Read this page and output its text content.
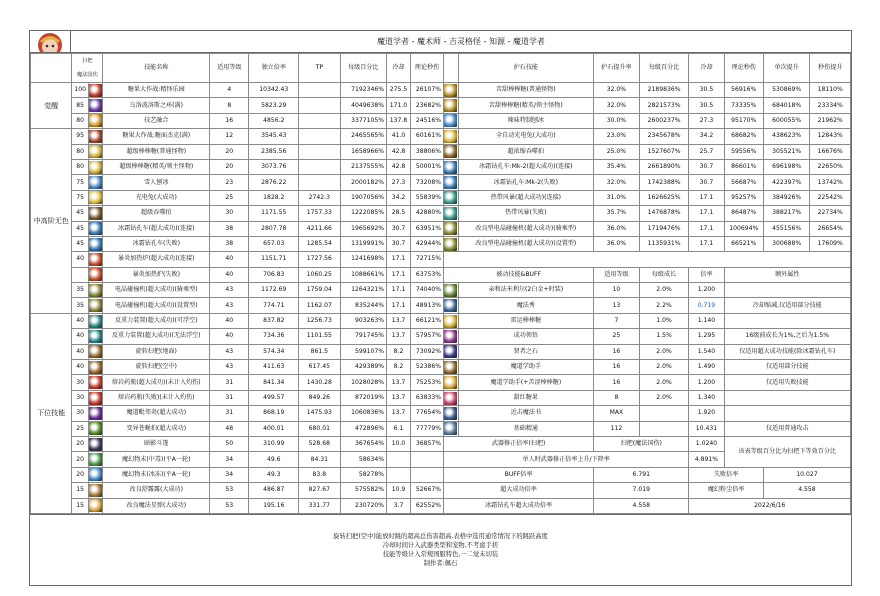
魔道学者 - 魔术师 - 吉灵格怪 - 知源 - 魔道学者
	扫把
魔法国伤		技能名称	适用等级	独立倍率	TP	每级百分比	冷却	理论秒伤		护石技能	护石提升率	每级百分比	冷却	理论秒伤	单次提升	秒伤提升
觉醒	100		糖果大作战:精怪乐园	4	10342.43		7192346%	275.5	26107%		苦甜棒棒糖(普通怪物)	32.0%	2189836%	30.5	56916%	530869%	18110%
	85		乌洛波洛斯之环(满)	8	5823.29		4049638%	171.0	23682%		苦甜棒棒糖(精英/领主怪物)	32.0%	2821573%	30.5	73335%	684018%	23334%
	80		技艺融合	16	4856.2		3377105%	137.8	24516%		辣味特制刨冰	30.0%	2600237%	27.3	95170%	600055%	21962%
中高阶无色	95		糖果大作战:糖面杰克(满)	12	3545.43		2465565%	41.0	60161%		全自动光电兔(大成功)	23.0%	2345678%	34.2	68682%	438623%	12843%
	80		超级棒棒糖(普通怪物)	20	2385.56		1658966%	42.8	38806%		超浓缩吞噬拍	25.0%	1527607%	25.7	59556%	305521%	16676%
	80		超级棒棒糖(精英/领主怪物)	20	3073.76		2137555%	42.8	50001%		冰霜钻孔车:Mk-2(超大成功)(连接)	35.4%	2661890%	30.7	86601%	696198%	22650%
	75		雪人刨冰	23	2876.22		2000182%	27.3	73208%		冰霜钻孔车:Mk-2(失败)	32.0%	1742388%	30.7	56687%	422397%	13742%
	75		光电兔(大成功)	25	1828.2	2742.3	1907056%	34.2	55839%		热带风暴(超大成功)(连接)	31.0%	1626625%	17.1	95257%	384926%	22542%
	45		超级吞噬拍	30	1171.55	1757.33	1222085%	28.5	42880%		热带风暴(失败)	35.7%	1476878%	17.1	86487%	388217%	22734%
	45		冰霜钻孔车(超大成功)(连接)	38	2807.78	4211.66	1965692%	30.7	63951%		改良型电晶碰撞机(超大成功)(骑乘型)	36.0%	1719476%	17.1	100694%	455156%	26654%
	45		冰霜钻孔车(失败)	38	657.03	1285.54	1319991%	30.7	42944%		改良型电晶碰撞机(超大成功)(设置型)	36.0%	1135931%	17.1	66521%	300688%	17609%
	40		暴炎加热炉(超大成功)(连接)	40	1151.71	1727.56	1241698%	17.1	72715%								

		暴炎加热炉(失败)	40	706.83	1060.25	1088661%	17.1	63753%	被动技能&BUFF		适用等级	每级成长	倍率	额外属性		
	35		电晶碰撞机(超大成功)(骑乘型)	43	1172.69	1759.04	1264321%	17.1	74040%		亲和法米利尔(2白金+时装)	10	2.0%	1.200			
	35		电晶碰撞机(超大成功)(设置型)	43	774.71	1162.07	835244%	17.1	48913%		魔法秀	13	2.2%	0.719	冷却缩减,仅适用部分技能		
下位技能	40		反重力装置(超大成功)(可浮空)	40	837.82	1256.73	903263%	13.7	66121%		雷运棒棒糖	7	1.0%	1.140			
	40		反重力装置(超大成功)(无法浮空)	40	734.36	1101.55	791745%	13.7	57957%		成功领悟	25	1.5%	1.295	16级前成长为1%,之后为1.5%		
	40		旋转扫把(地面)	43	574.34	861.5	599107%	8.2	73092%		贤者之石	16	2.0%	1.540	仅适用超大成功技能(除冰霜钻孔车)		
	40		旋转扫把(空中)	43	411.63	617.45	429389%	8.2	52386%		魔道学助手	16	2.0%	1.490	仅适用部分技能		
	30		熔岩药瓶(超大成功)(未计入灼伤)	31	841.34	1430.28	1028028%	13.7	75253%		魔道学助手(+苦涩棒棒糖)	16	2.0%	1.200	仅适用失败技能		
	30		熔岩药瓶(失败)(未计入灼伤)	31	499.57	849.26	872019%	13.7	63833%		甜红糖果	8	2.0%	1.340			
	30		魔道毗邻炎(超大成功)	31	868.19	1475.93	1060836%	13.7	77654%		近击魔法书	MAX		1.920			
	25		变异苍蝇拍(超大成功)	48	400.01	680.01	472896%	6.1	77779%		基础精通	112		10.431	仅适用普通攻击		
	20		暗影斗篷	50	310.99	528.68	367654%	10.0	36857%	武器修正倍率(扫把)		扫把(魔法国伤)		1.0240	该表等级百分比为扫把下等效百分比		
	20		魔幻物末(中毒)(平A一轮)	34	49.6	84.31	58634%			单人时武器修正倍率上升/下降率				4.891%			
	20		魔幻物末(冰冻)(平A一轮)	34	49.3	83.8	58278%			BUFF倍率		6.791		失败倍率		10.027	
	15		改良舒露露(大成功)	53	486.87	827.67	575582%	10.9	52667%	超大成功倍率		7.019		魔幻粉尘倍率		4.558	
	15		改良魔法星弹(大成功)	53	195.16	331.77	230720%	3.7	62552%	冰霜钻孔车超大成功倍率		4.558		2022/6/16			
旋转扫把(空中)能放时跳的超高总伤害超高,表格中选用通常情况下的跳跃高度
冷却时间计入武器类型和宠物,不考虑手搓
技能等级计入常规国服特色,一二觉未切装
制作者:佩石
